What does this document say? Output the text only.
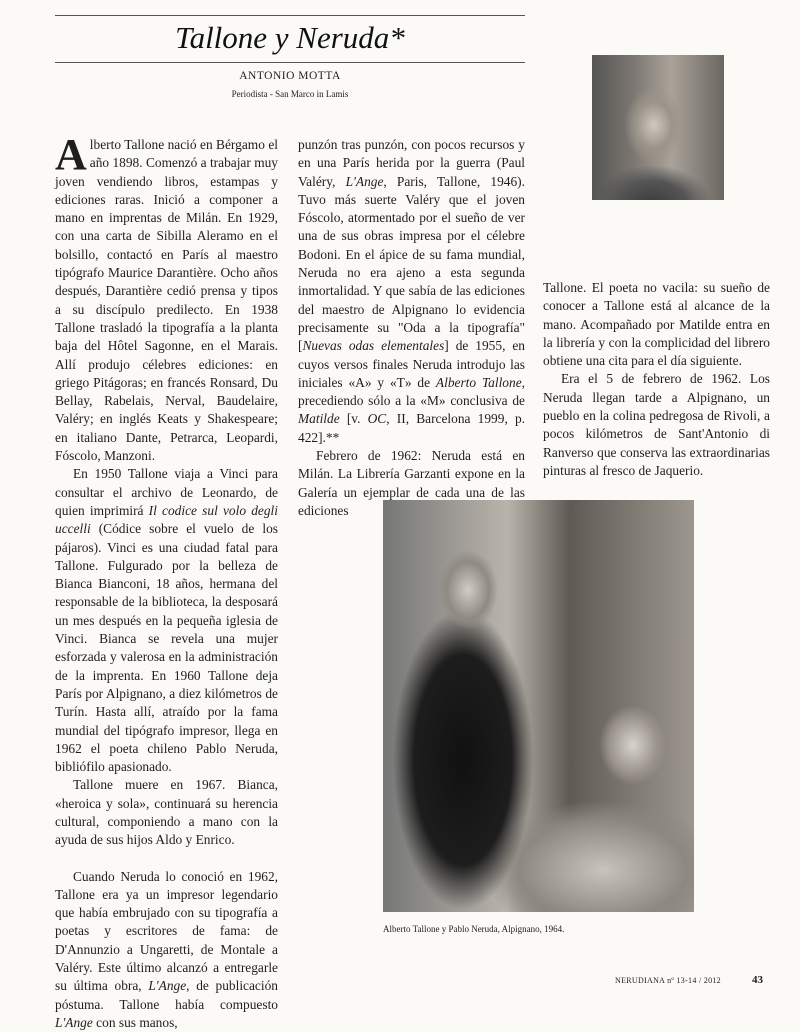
Tallone y Neruda*
ANTONIO MOTTA
Periodista - San Marco in Lamis

Alberto Tallone nació en Bérgamo el año 1898. Comenzó a trabajar muy joven vendiendo libros, estampas y ediciones raras. Inició a componer a mano en imprentas de Milán. En 1929, con una carta de Sibilla Aleramo en el bolsillo, contactó en París al maestro tipógrafo Maurice Darantière. Ocho años después, Darantière cedió prensa y tipos a su discípulo predilecto. En 1938 Tallone trasladó la tipografía a la planta baja del Hôtel Sagonne, en el Marais. Allí produjo célebres ediciones: en griego Pitágoras; en francés Ronsard, Du Bellay, Rabelais, Nerval, Baudelaire, Valéry; en inglés Keats y Shakespeare; en italiano Dante, Petrarca, Leopardi, Fóscolo, Manzoni.

En 1950 Tallone viaja a Vinci para consultar el archivo de Leonardo, de quien imprimirá Il codice sul volo degli uccelli (Códice sobre el vuelo de los pájaros). Vinci es una ciudad fatal para Tallone. Fulgurado por la belleza de Bianca Bianconi, 18 años, hermana del responsable de la biblioteca, la desposará un mes después en la pequeña iglesia de Vinci. Bianca se revela una mujer esforzada y valerosa en la administración de la imprenta. En 1960 Tallone deja París por Alpignano, a diez kilómetros de Turín. Hasta allí, atraído por la fama mundial del tipógrafo impresor, llega en 1962 el poeta chileno Pablo Neruda, bibliófilo apasionado.

Tallone muere en 1967. Bianca, «heroica y sola», continuará su herencia cultural, componiendo a mano con la ayuda de sus hijos Aldo y Enrico.

Cuando Neruda lo conoció en 1962, Tallone era ya un impresor legendario que había embrujado con su tipografía a poetas y escritores de fama: de D'Annunzio a Ungaretti, de Montale a Valéry. Este último alcanzó a entregarle su última obra, L'Ange, de publicación póstuma. Tallone había compuesto L'Ange con sus manos,

punzón tras punzón, con pocos recursos y en una París herida por la guerra (Paul Valéry, L'Ange, Paris, Tallone, 1946). Tuvo más suerte Valéry que el joven Fóscolo, atormentado por el sueño de ver una de sus obras impresa por el célebre Bodoni. En el ápice de su fama mundial, Neruda no era ajeno a esta segunda inmortalidad. Y que sabía de las ediciones del maestro de Alpignano lo evidencia precisamente su "Oda a la tipografía" [Nuevas odas elementales] de 1955, en cuyos versos finales Neruda introdujo las iniciales «A» y «T» de Alberto Tallone, precediendo sólo a la «M» conclusiva de Matilde [v. OC, II, Barcelona 1999, p. 422].**

Febrero de 1962: Neruda está en Milán. La Librería Garzanti expone en la Galería un ejemplar de cada una de las ediciones

Tallone. El poeta no vacila: su sueño de conocer a Tallone está al alcance de la mano. Acompañado por Matilde entra en la librería y con la complicidad del librero obtiene una cita para el día siguiente.

Era el 5 de febrero de 1962. Los Neruda llegan tarde a Alpignano, un pueblo en la colina pedregosa de Rivoli, a pocos kilómetros de Sant'Antonio di Ranverso que conserva las extraordinarias pinturas al fresco de Jaquerio.

Alberto Tallone y Pablo Neruda, Alpignano, 1964.
NERUDIANA nº 13-14 / 2012	43
